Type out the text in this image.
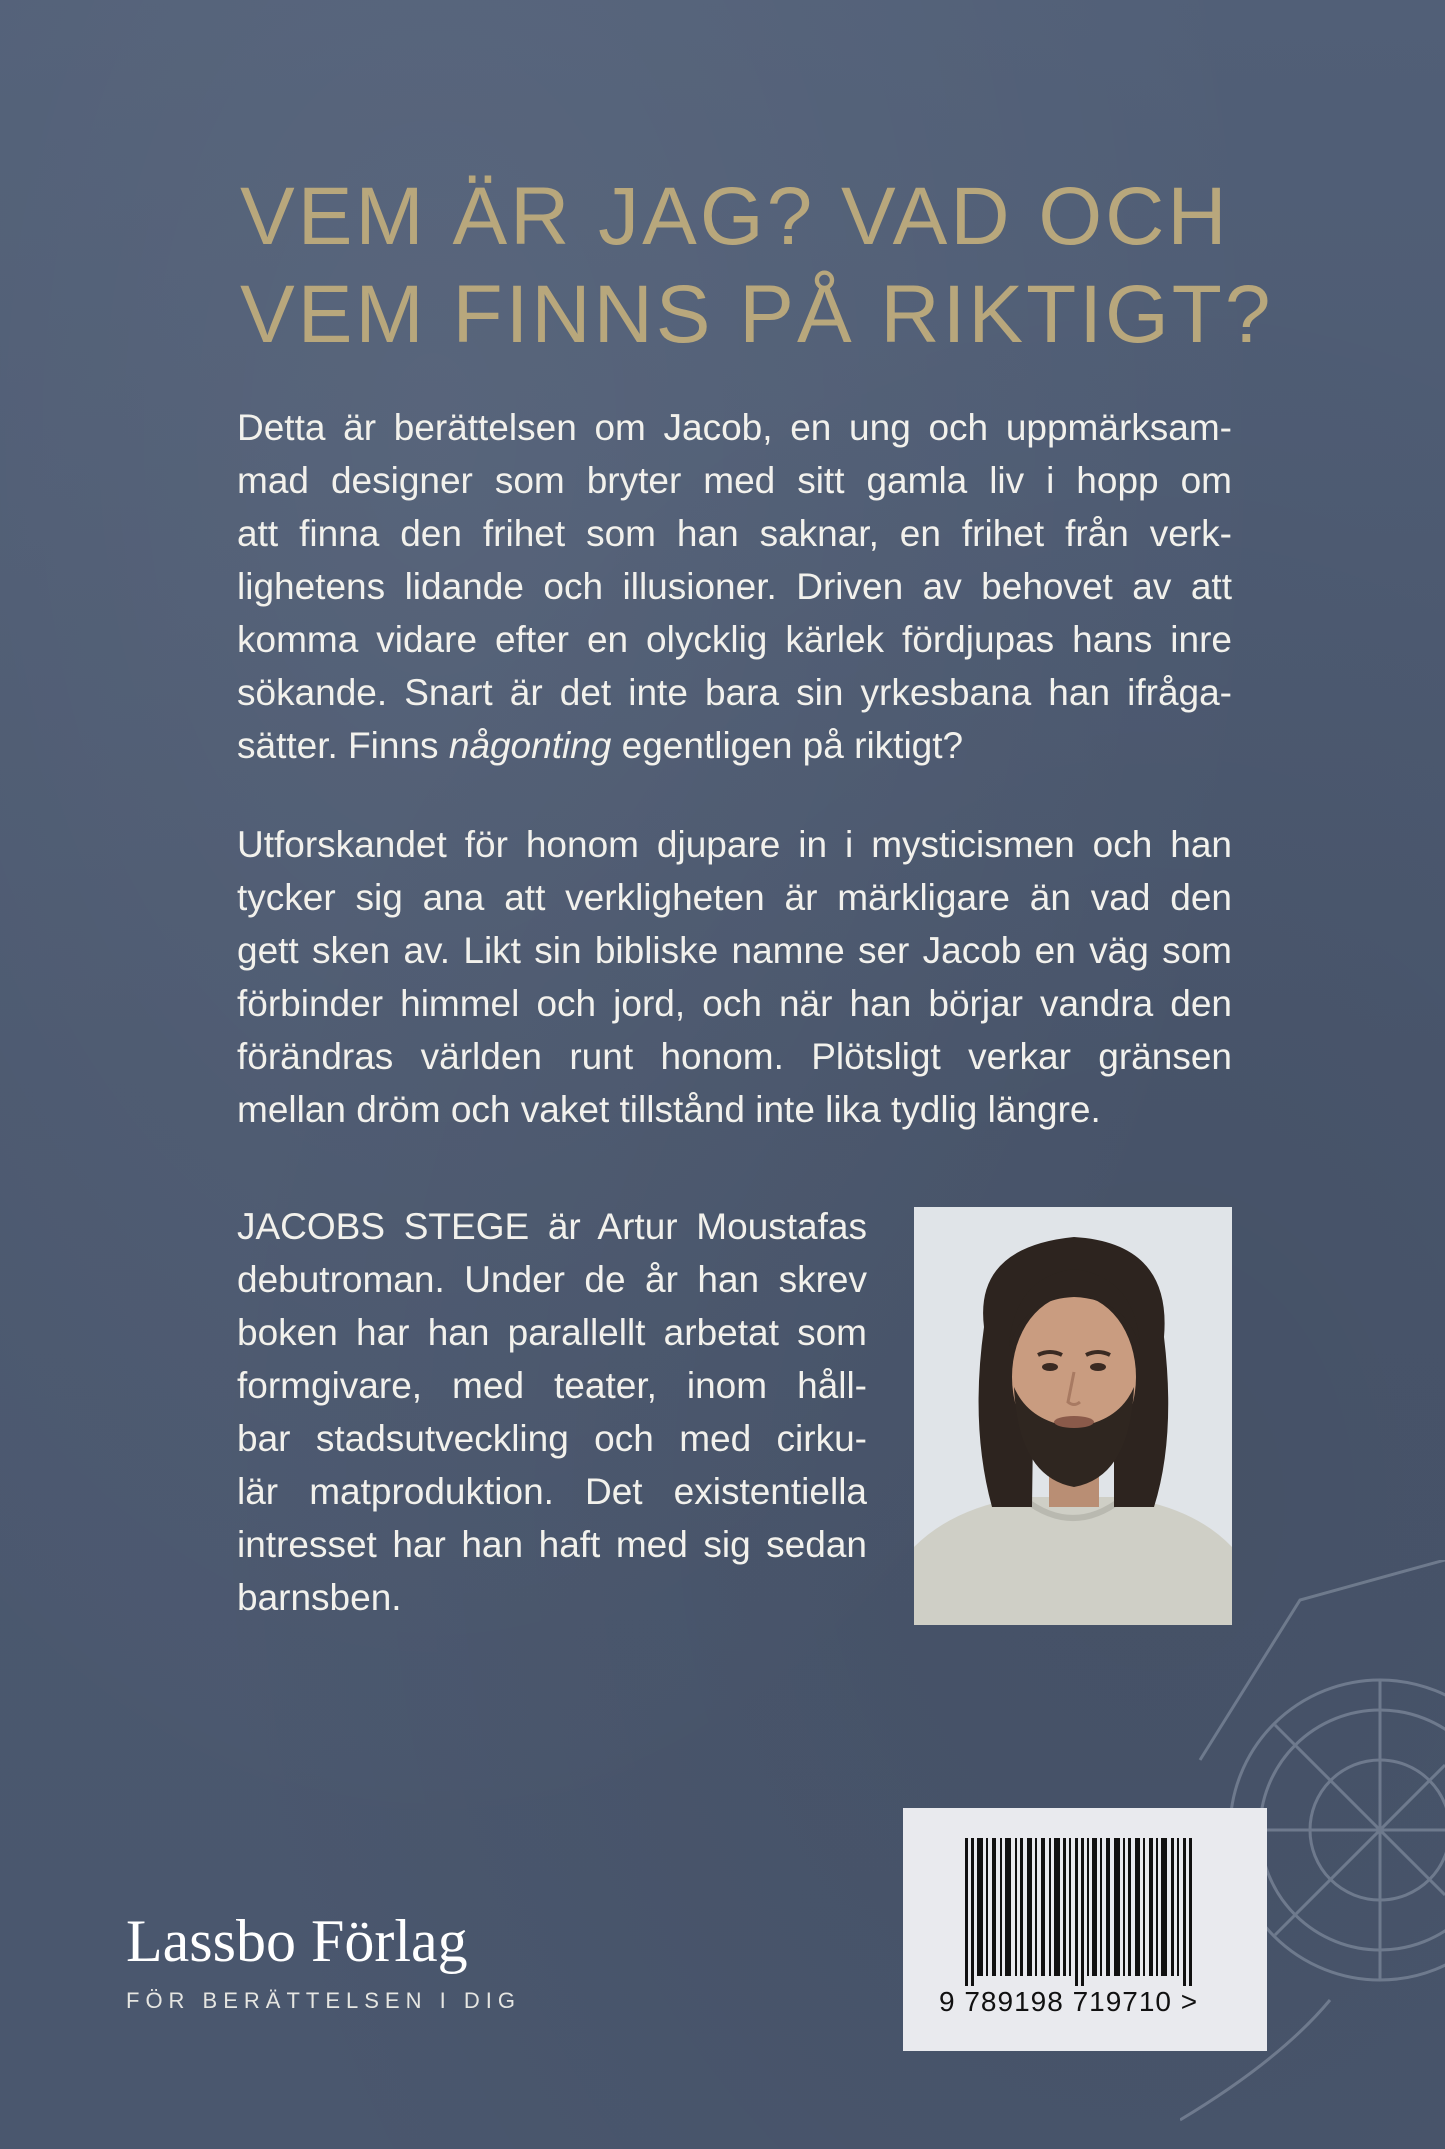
VEM ÄR JAG? VAD OCH
VEM FINNS PÅ RIKTIGT?
Detta är berättelsen om Jacob, en ung och uppmärksam-
mad designer som bryter med sitt gamla liv i hopp om
att finna den frihet som han saknar, en frihet från verk-
lighetens lidande och illusioner. Driven av behovet av att
komma vidare efter en olycklig kärlek fördjupas hans inre
sökande. Snart är det inte bara sin yrkesbana han ifråga-
sätter. Finns någonting egentligen på riktigt?
Utforskandet för honom djupare in i mysticismen och han
tycker sig ana att verkligheten är märkligare än vad den
gett sken av. Likt sin bibliske namne ser Jacob en väg som
förbinder himmel och jord, och när han börjar vandra den
förändras världen runt honom. Plötsligt verkar gränsen
mellan dröm och vaket tillstånd inte lika tydlig längre.
JACOBS STEGE är Artur Moustafas
debutroman. Under de år han skrev
boken har han parallellt arbetat som
formgivare, med teater, inom håll-
bar stadsutveckling och med cirku-
lär matproduktion. Det existentiella
intresset har han haft med sig sedan
barnsben.

Lassbo Förlag

FÖR BERÄTTELSEN I DIG	9 789198 719710 >
